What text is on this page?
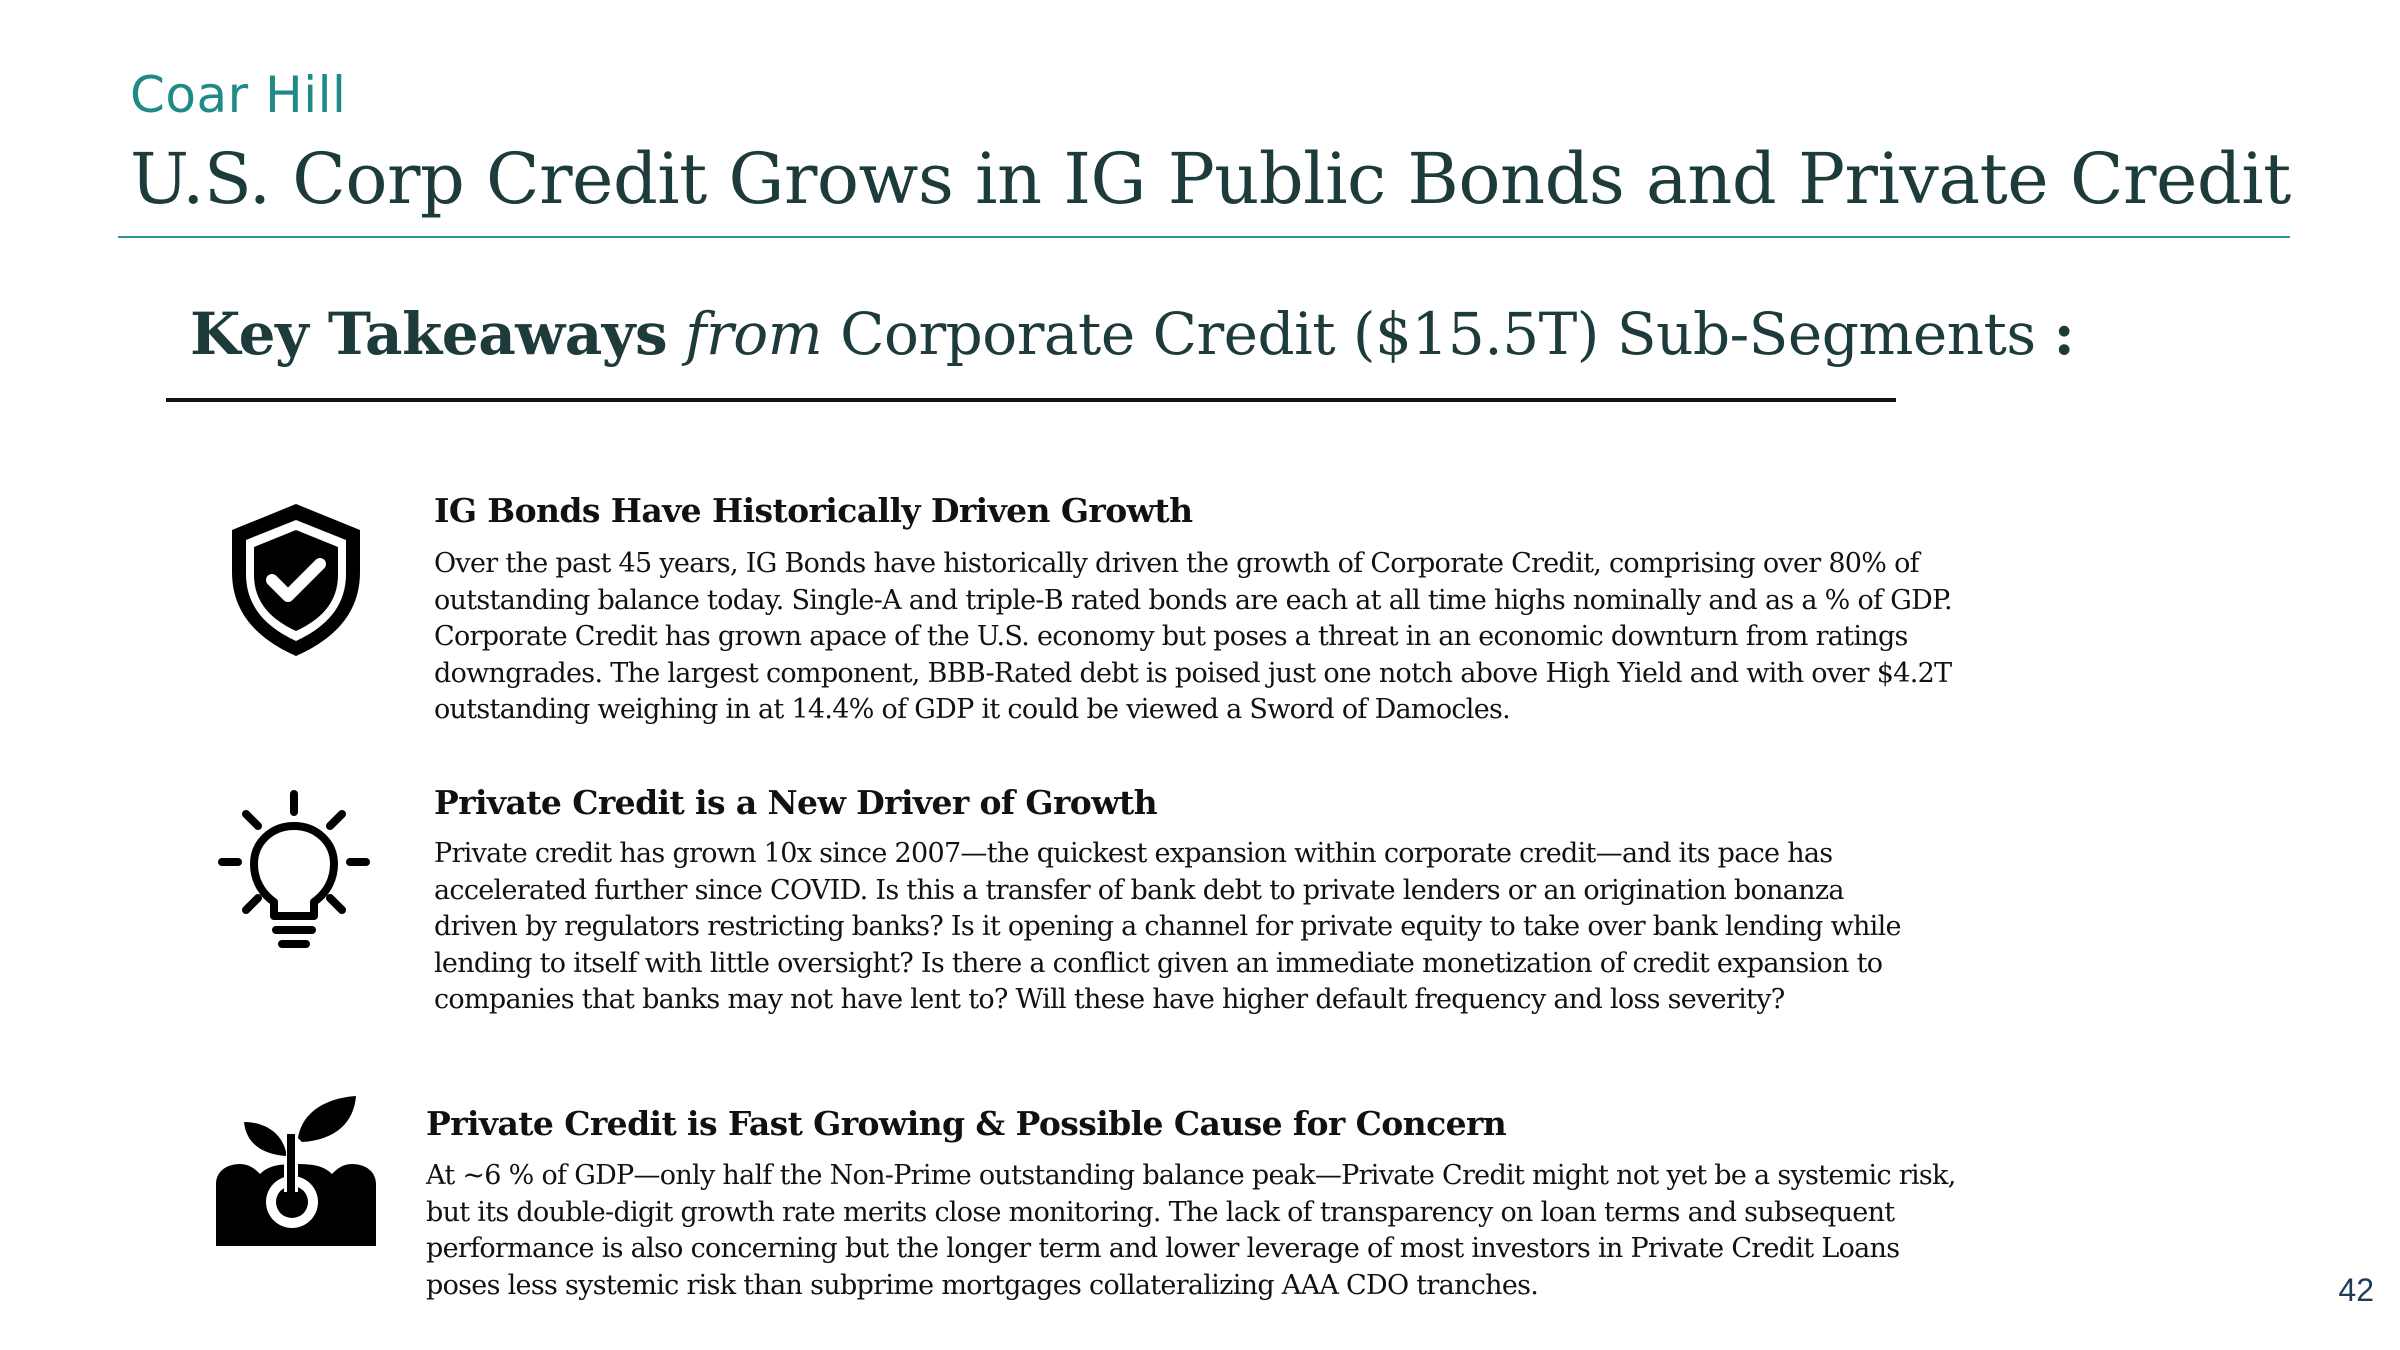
Coar Hill
U.S. Corp Credit Grows in IG Public Bonds and Private Credit
Key Takeaways from Corporate Credit ($15.5T) Sub-Segments :
IG Bonds Have Historically Driven Growth
Over the past 45 years, IG Bonds have historically driven the growth of Corporate Credit, comprising over 80% of outstanding balance today. Single-A and triple-B rated bonds are each at all time highs nominally and as a % of GDP. Corporate Credit has grown apace of the U.S. economy but poses a threat in an economic downturn from ratings downgrades. The largest component, BBB-Rated debt is poised just one notch above High Yield and with over $4.2T outstanding weighing in at 14.4% of GDP it could be viewed a Sword of Damocles.
Private Credit is a New Driver of Growth
Private credit has grown 10x since 2007—the quickest expansion within corporate credit—and its pace has accelerated further since COVID. Is this a transfer of bank debt to private lenders or an origination bonanza driven by regulators restricting banks? Is it opening a channel for private equity to take over bank lending while lending to itself with little oversight? Is there a conflict given an immediate monetization of credit expansion to companies that banks may not have lent to? Will these have higher default frequency and loss severity?
Private Credit is Fast Growing & Possible Cause for Concern
At ~6 % of GDP—only half the Non-Prime outstanding balance peak—Private Credit might not yet be a systemic risk, but its double-digit growth rate merits close monitoring. The lack of transparency on loan terms and subsequent performance is also concerning but the longer term and lower leverage of most investors in Private Credit Loans poses less systemic risk than subprime mortgages collateralizing AAA CDO tranches.	42
